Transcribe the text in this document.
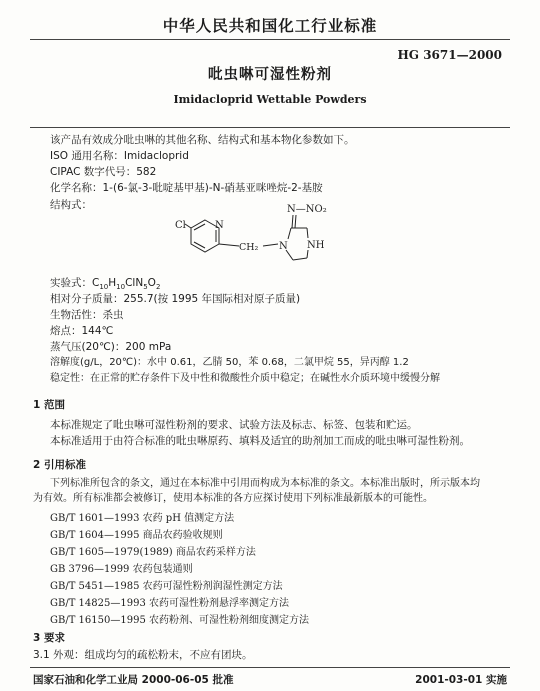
中华人民共和国化工行业标准
HG 3671—2000
吡虫啉可湿性粉剂
Imidacloprid Wettable Powders
该产品有效成分吡虫啉的其他名称、结构式和基本物化参数如下。
ISO 通用名称：Imidacloprid
CIPAC 数字代号：582
化学名称：1-(6-氯-3-吡啶基甲基)-N-硝基亚咪唑烷-2-基胺
结构式：
Cl	N
CH₂ N NH
N—NO₂
实验式：$C_{10}H_{10}ClN_5O_2$
相对分子质量：255.7(按 1995 年国际相对原子质量)
生物活性：杀虫
熔点：144℃
蒸气压(20℃)：200 mPa
溶解度(g/L，20℃)：水中 0.61，乙腈 50，苯 0.68，二氯甲烷 55，异丙醇 1.2
稳定性：在正常的贮存条件下及中性和微酸性介质中稳定；在碱性水介质环境中缓慢分解
1 范围
本标准规定了吡虫啉可湿性粉剂的要求、试验方法及标志、标签、包装和贮运。
本标准适用于由符合标准的吡虫啉原药、填料及适宜的助剂加工而成的吡虫啉可湿性粉剂。
2 引用标准
下列标准所包含的条文，通过在本标准中引用而构成为本标准的条文。本标准出版时，所示版本均
为有效。所有标准都会被修订，使用本标准的各方应探讨使用下列标准最新版本的可能性。
GB/T 1601—1993 农药 pH 值测定方法
GB/T 1604—1995 商品农药验收规则
GB/T 1605—1979(1989) 商品农药采样方法
GB 3796—1999 农药包装通则
GB/T 5451—1985 农药可湿性粉剂润湿性测定方法
GB/T 14825—1993 农药可湿性粉剂悬浮率测定方法
GB/T 16150—1995 农药粉剂、可湿性粉剂细度测定方法
3 要求
3.1 外观：组成均匀的疏松粉末，不应有团块。
国家石油和化学工业局 2000-06-05 批准	2001-03-01 实施
